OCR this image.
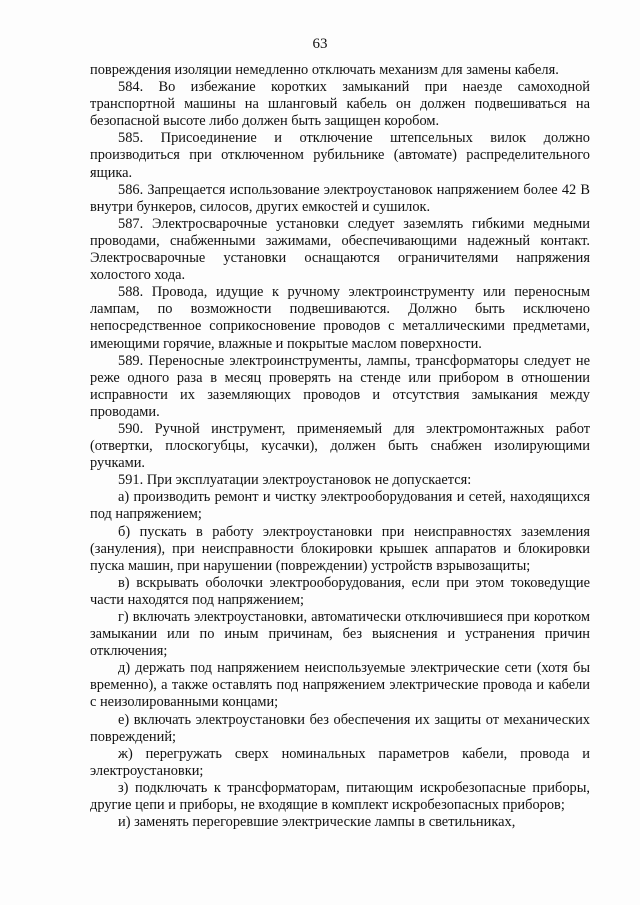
63

повреждения изоляции немедленно отключать механизм для замены кабеля.

584. Во избежание коротких замыканий при наезде самоходной транспортной машины на шланговый кабель он должен подвешиваться на безопасной высоте либо должен быть защищен коробом.

585. Присоединение и отключение штепсельных вилок должно производиться при отключенном рубильнике (автомате) распределительного ящика.

586. Запрещается использование электроустановок напряжением более 42 В внутри бункеров, силосов, других емкостей и сушилок.

587. Электросварочные установки следует заземлять гибкими медными проводами, снабженными зажимами, обеспечивающими надежный контакт. Электросварочные установки оснащаются ограничителями напряжения холостого хода.

588. Провода, идущие к ручному электроинструменту или переносным лампам, по возможности подвешиваются. Должно быть исключено непосредственное соприкосновение проводов с металлическими предметами, имеющими горячие, влажные и покрытые маслом поверхности.

589. Переносные электроинструменты, лампы, трансформаторы следует не реже одного раза в месяц проверять на стенде или прибором в отношении исправности их заземляющих проводов и отсутствия замыкания между проводами.

590. Ручной инструмент, применяемый для электромонтажных работ (отвертки, плоскогубцы, кусачки), должен быть снабжен изолирующими ручками.

591. При эксплуатации электроустановок не допускается:

а) производить ремонт и чистку электрооборудования и сетей, находящихся под напряжением;

б) пускать в работу электроустановки при неисправностях заземления (зануления), при неисправности блокировки крышек аппаратов и блокировки пуска машин, при нарушении (повреждении) устройств взрывозащиты;

в) вскрывать оболочки электрооборудования, если при этом токоведущие части находятся под напряжением;

г) включать электроустановки, автоматически отключившиеся при коротком замыкании или по иным причинам, без выяснения и устранения причин отключения;

д) держать под напряжением неиспользуемые электрические сети (хотя бы временно), а также оставлять под напряжением электрические провода и кабели с неизолированными концами;

е) включать электроустановки без обеспечения их защиты от механических повреждений;

ж) перегружать сверх номинальных параметров кабели, провода и электроустановки;

з) подключать к трансформаторам, питающим искробезопасные приборы, другие цепи и приборы, не входящие в комплект искробезопасных приборов;

и) заменять перегоревшие электрические лампы в светильниках,
